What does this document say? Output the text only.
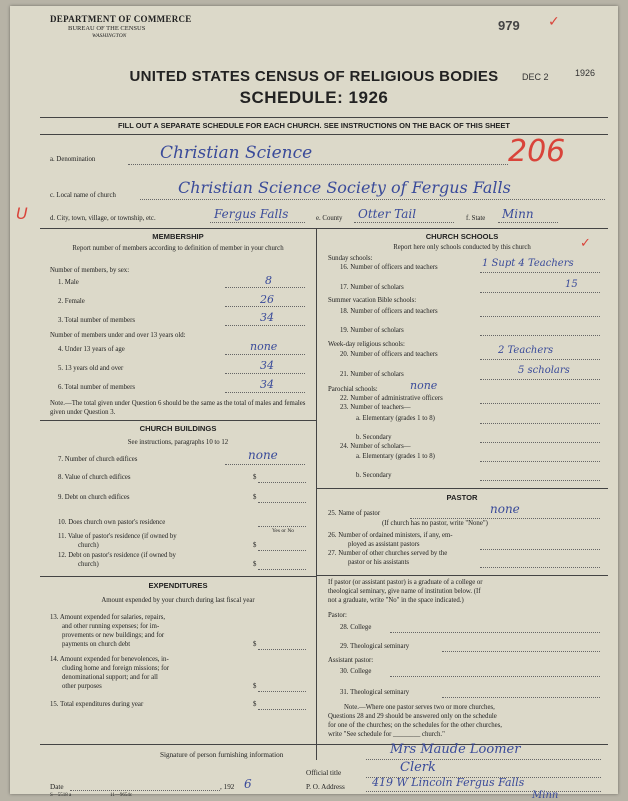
DEPARTMENT OF COMMERCE
BUREAU OF THE CENSUS
WASHINGTON
979 ✓
DEC 2	1926
UNITED STATES CENSUS OF RELIGIOUS BODIES
SCHEDULE: 1926
FILL OUT A SEPARATE SCHEDULE FOR EACH CHURCH. SEE INSTRUCTIONS ON THE BACK OF THIS SHEET
a. Denomination	Christian Science	206
c. Local name of church	Christian Science Society of Fergus Falls
U	d. City, town, village, or township, etc.	Fergus Falls	e. County Otter Tail	f. State Minn
MEMBERSHIP
Report number of members according to definition of member in your church
Number of members, by sex:
1. Male	8
2. Female	26
3. Total number of members	34
Number of members under and over 13 years old:
4. Under 13 years of age	none
5. 13 years old and over	34
6. Total number of members	34
Note.—The total given under Question 6 should be the same as the total of males and females given under Question 3.
CHURCH BUILDINGS
See instructions, paragraphs 10 to 12
7. Number of church edifices	none
8. Value of church edifices	$
9. Debt on church edifices	$
10. Does church own pastor's residence
Yes or No
11. Value of pastor's residence (if owned by
church)	$
12. Debt on pastor's residence (if owned by
church)	$
EXPENDITURES
Amount expended by your church during last fiscal year
13. Amount expended for salaries, repairs,
and other running expenses; for im-
provements or new buildings; and for
payments on church debt	$
14. Amount expended for benevolences, in-
cluding home and foreign missions; for
denominational support; and for all
other purposes	$
15. Total expenditures during year	$
CHURCH SCHOOLS
Report here only schools conducted by this church
Sunday schools:
16. Number of officers and teachers	1 Supt 4 Teachers
✓
17. Number of scholars	15
Summer vacation Bible schools:
18. Number of officers and teachers
19. Number of scholars
Week-day religious schools:
20. Number of officers and teachers	2 Teachers
21. Number of scholars	5 scholars
Parochial schools:	none
22. Number of administrative officers
23. Number of teachers—
a. Elementary (grades 1 to 8)
b. Secondary
24. Number of scholars—
a. Elementary (grades 1 to 8)
b. Secondary
PASTOR
25. Name of pastor	none
(If church has no pastor, write "None")
26. Number of ordained ministers, if any, em-
ployed as assistant pastors
27. Number of other churches served by the
pastor or his assistants
If pastor (or assistant pastor) is a graduate of a college or
theological seminary, give name of institution below. (If
not a graduate, write "No" in the space indicated.)
Pastor:
28. College
29. Theological seminary
Assistant pastor:
30. College
31. Theological seminary
Note.—Where one pastor serves two or more churches,
Questions 28 and 29 should be answered only on the schedule
for one of the churches; on the schedules for the other churches,
write "See schedule for ________ church."
Signature of person furnishing information	Mrs Maude Loomer
Official title	Clerk
Date	, 192 6	P. O. Address 419 W Lincoln Fergus Falls
Minn
S—5518 a	11—9654c
